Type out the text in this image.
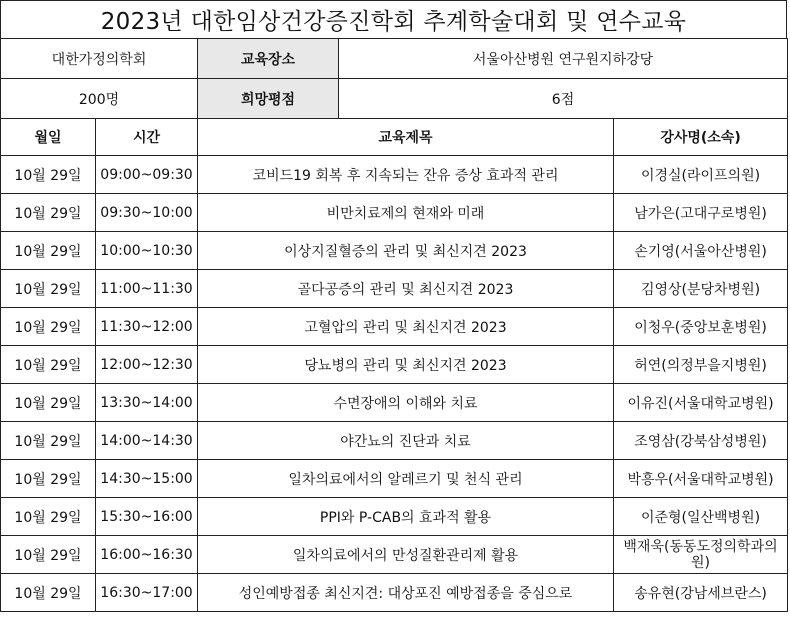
2023년 대한임상건강증진학회 추계학술대회 및 연수교육
대한가정의학회		교육장소	서울아산병원 연구원지하강당	
200명		희망평점	6점	
월일	시간	교육제목		강사명(소속)
10월 29일	09:00~09:30	코비드19 회복 후 지속되는 잔유 증상 효과적 관리		이경실(라이프의원)
10월 29일	09:30~10:00	비만치료제의 현재와 미래		남가은(고대구로병원)
10월 29일	10:00~10:30	이상지질혈증의 관리 및 최신지견 2023		손기영(서울아산병원)
10월 29일	11:00~11:30	골다공증의 관리 및 최신지견 2023		김영상(분당차병원)
10월 29일	11:30~12:00	고혈압의 관리 및 최신지견 2023		이청우(중앙보훈병원)
10월 29일	12:00~12:30	당뇨병의 관리 및 최신지견 2023		허연(의정부을지병원)
10월 29일	13:30~14:00	수면장애의 이해와 치료		이유진(서울대학교병원)
10월 29일	14:00~14:30	야간뇨의 진단과 치료		조영삼(강북삼성병원)
10월 29일	14:30~15:00	일차의료에서의 알레르기 및 천식 관리		박흥우(서울대학교병원)
10월 29일	15:30~16:00	PPI와 P-CAB의 효과적 활용		이준형(일산백병원)
10월 29일	16:00~16:30	일차의료에서의 만성질환관리제 활용		백재욱(동동도정의학과의원)
10월 29일	16:30~17:00	성인예방접종 최신지견: 대상포진 예방접종을 중심으로		송유현(강남세브란스)
